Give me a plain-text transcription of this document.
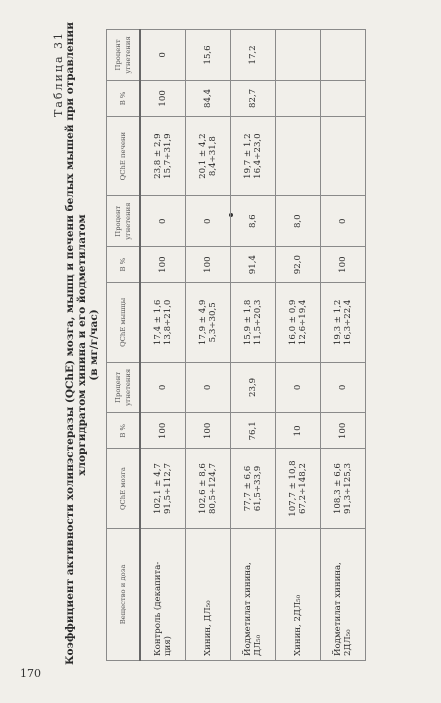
170
Таблица 31 Коэффициент активности холинэстеразы (QChE) мозга, мышц и печени белых мышей при отравлении хлоргидратом хинина и его йодметилатом (в мг/г/час)
Вещество и доза	QChE мозга	В %	Процент угнетения	QChE мышцы	В %	Процент угнетения	QChE печени	В %	Процент угнетения

Контроль (декапита- ция)	102,1 ± 4,7 91,5÷112,7	100	0	17,4 ± 1,6 13,8÷21,0	100	0	23,8 ± 2,9 15,7÷31,9	100	0

Хинин, ДЛ₅₀	102,6 ± 8,6 80,5÷124,7	100	0	17,9 ± 4,9 5,3÷30,5	100	0	20,1 ± 4,2 8,4÷31,8	84,4	15,6

Йодметилат хинина, ДЛ₅₀	77,7 ± 6,6 61,5÷33,9	76,1	23,9	15,9 ± 1,8 11,5÷20,3	91,4	8,6	19,7 ± 1,2 16,4÷23,0	82,7	17,2

Хинин, 2ДЛ₅₀	107,7 ± 10,8 67,2÷148,2	10	0	16,0 ± 0,9 12,6÷19,4	92,0	8,0	

Йодметилат хинина, 2ДЛ₅₀	108,3 ± 6,6 91,3÷125,3	100	0	19,3 ± 1,2 16,3÷22,4	100	0	
